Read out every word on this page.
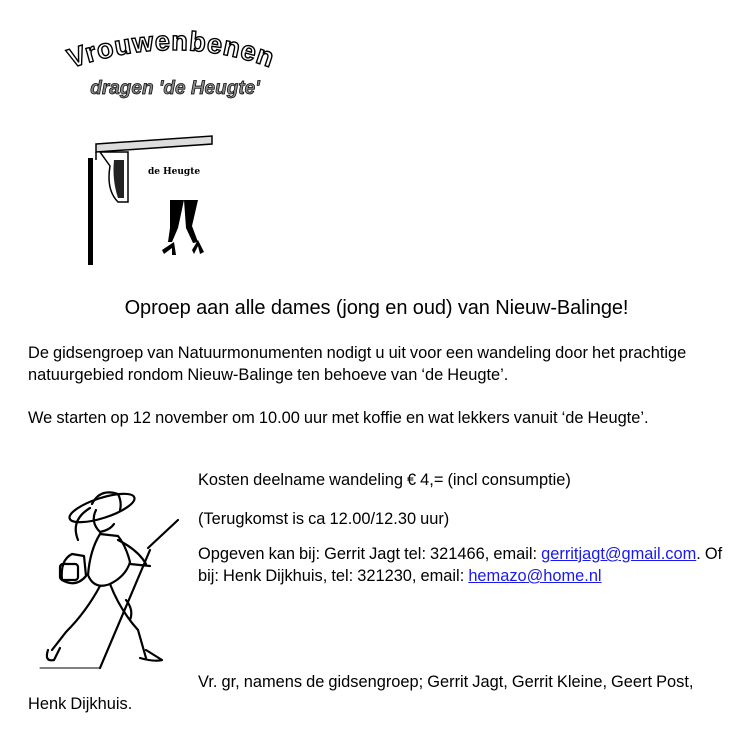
Vrouwenbenen
dragen 'de Heugte'
de Heugte
Oproep aan alle dames (jong en oud) van Nieuw-Balinge!
De gidsengroep van Natuurmonumenten nodigt u uit voor een wandeling door het prachtige natuurgebied rondom Nieuw-Balinge ten behoeve van ‘de Heugte’.
We starten op 12 november om 10.00 uur met koffie en wat lekkers vanuit ‘de Heugte’.
Kosten deelname wandeling € 4,= (incl consumptie)
(Terugkomst is ca 12.00/12.30 uur)
Opgeven kan bij: Gerrit Jagt tel: 321466, email: gerritjagt@gmail.com. Of bij: Henk Dijkhuis, tel: 321230, email: hemazo@home.nl
Vr. gr, namens de gidsengroep; Gerrit Jagt, Gerrit Kleine, Geert Post, Henk Dijkhuis.
